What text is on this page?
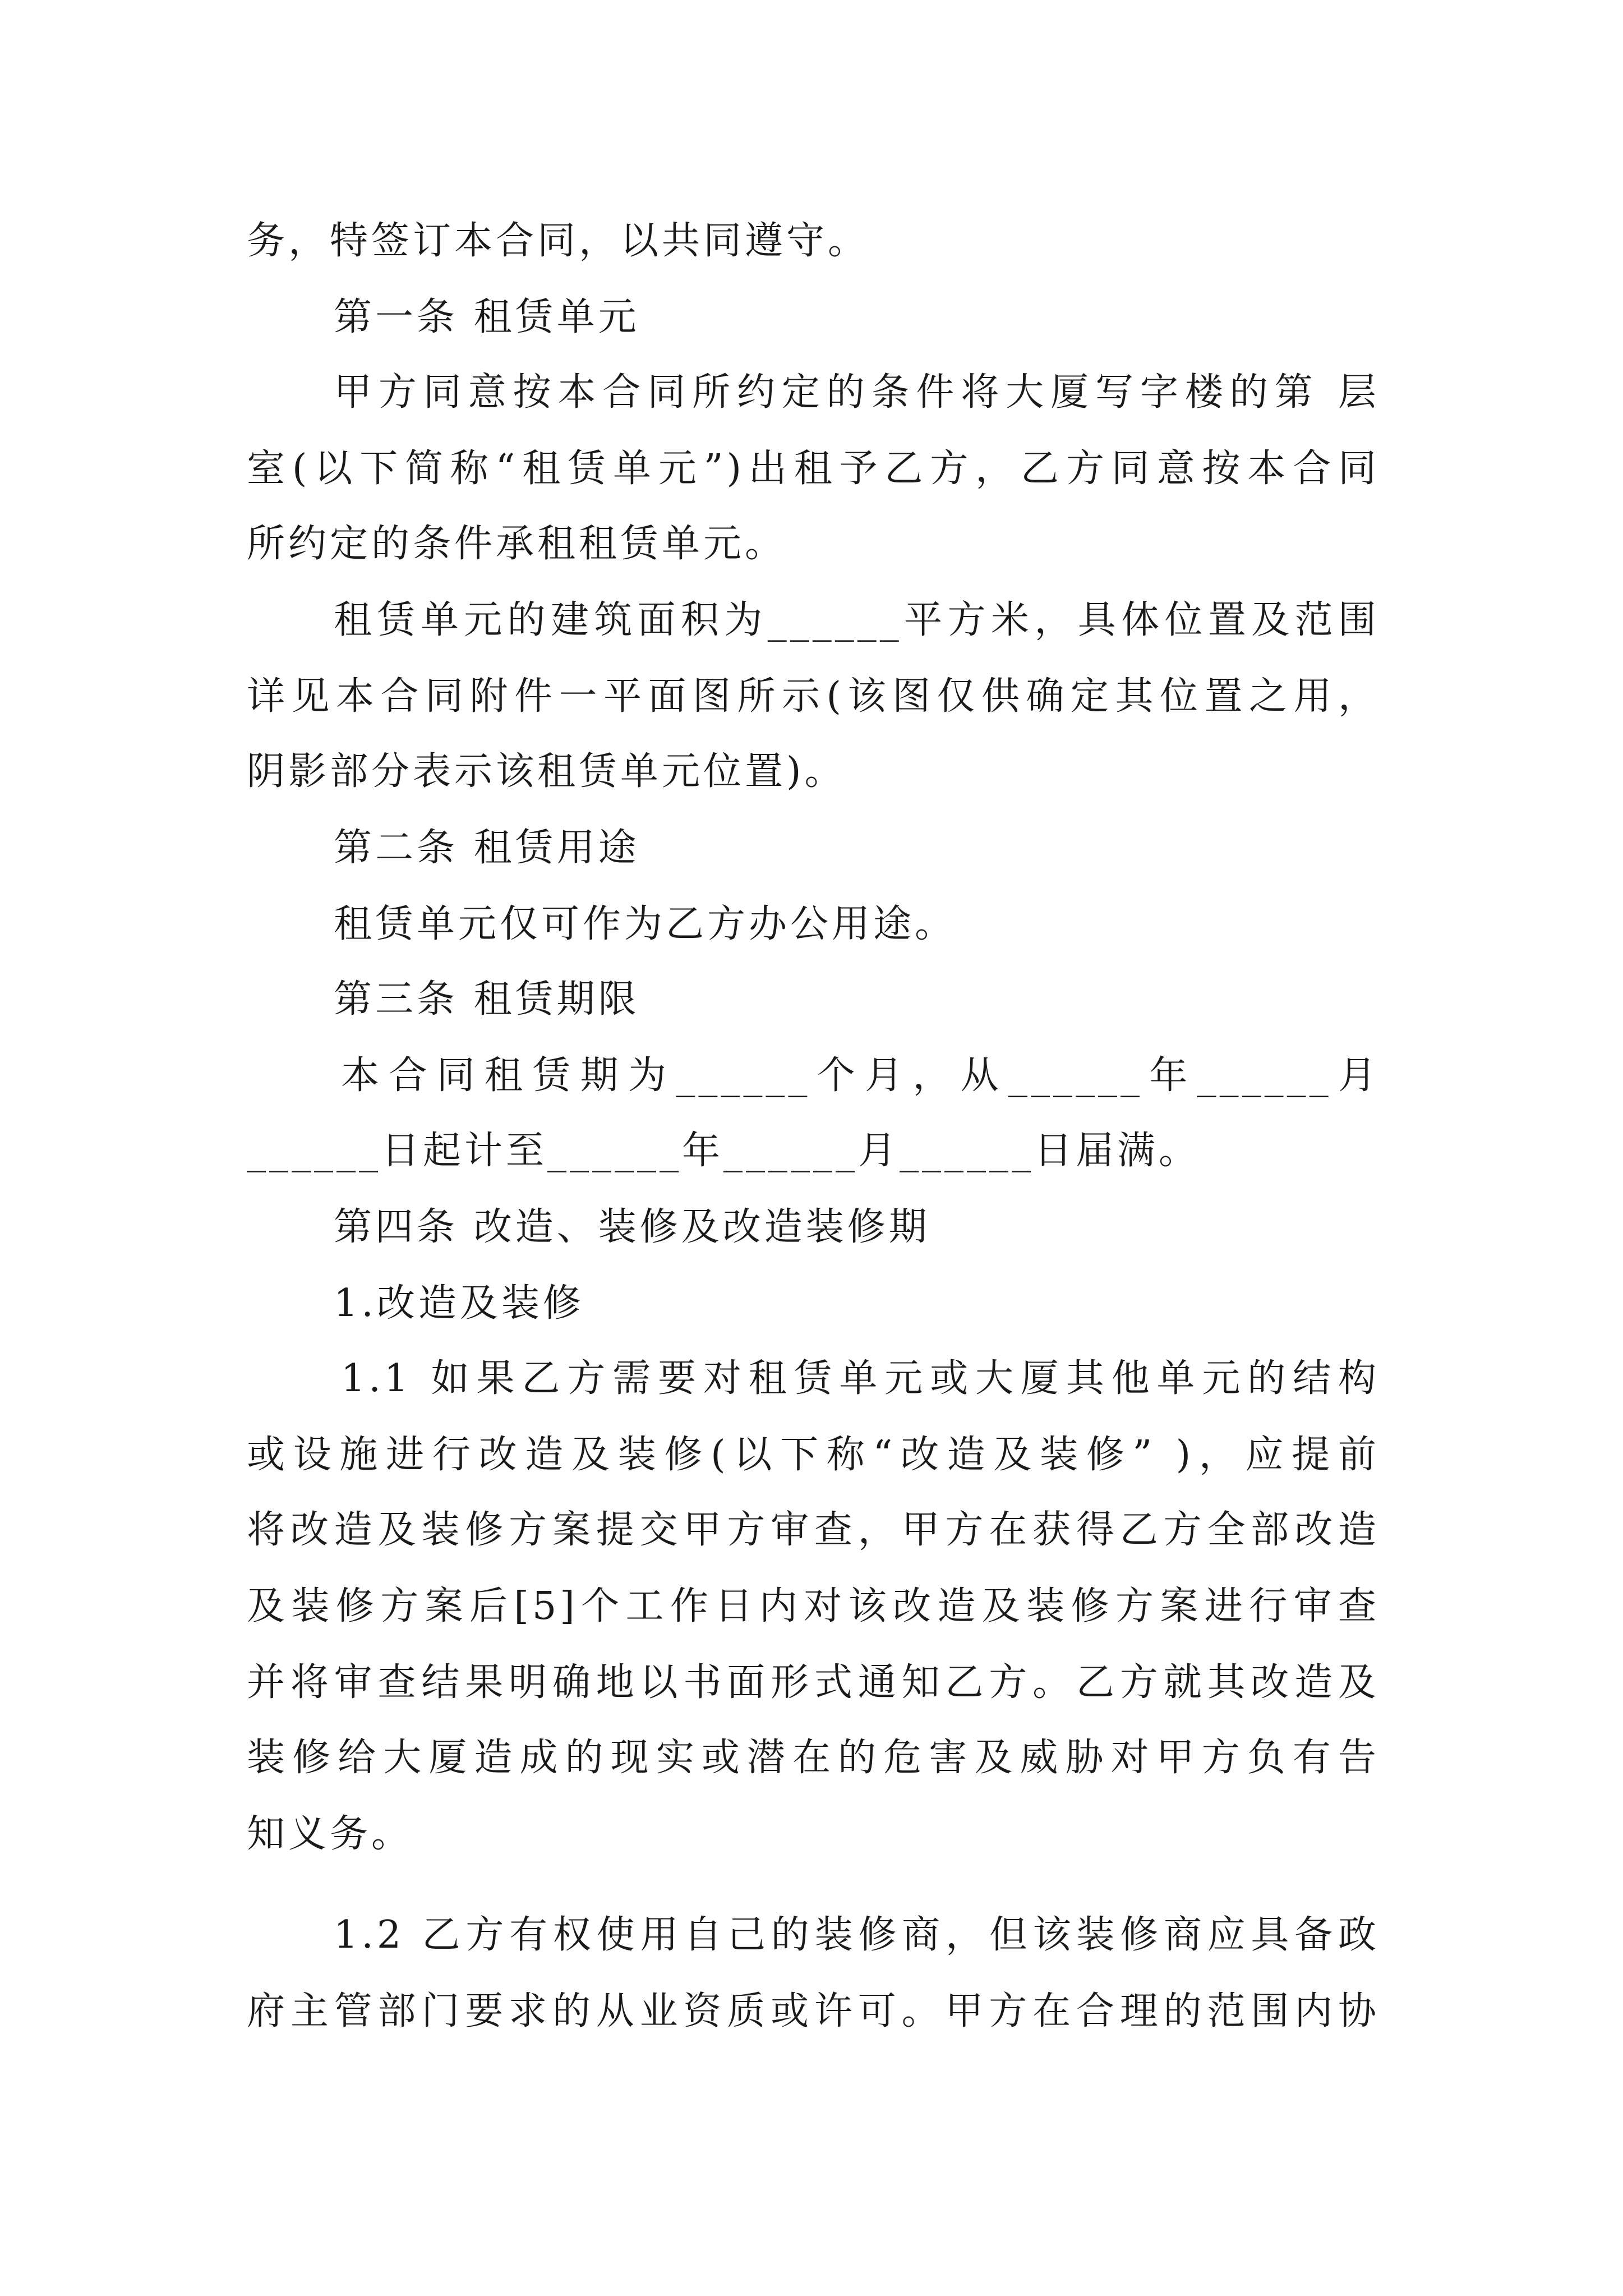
务，特签订本合同，以共同遵守。
第一条 租赁单元
甲方同意按本合同所约定的条件将大厦写字楼的第 层
室(以下简称“租赁单元”)出租予乙方，乙方同意按本合同
所约定的条件承租租赁单元。
租赁单元的建筑面积为______平方米，具体位置及范围
详见本合同附件一平面图所示(该图仅供确定其位置之用，
阴影部分表示该租赁单元位置)。
第二条 租赁用途
租赁单元仅可作为乙方办公用途。
第三条 租赁期限
本合同租赁期为______个月，从______年______月
______日起计至______年______月______日届满。
第四条 改造、装修及改造装修期
1.改造及装修
1.1 如果乙方需要对租赁单元或大厦其他单元的结构
或设施进行改造及装修(以下称“改造及装修” )，应提前
将改造及装修方案提交甲方审查，甲方在获得乙方全部改造
及装修方案后[5]个工作日内对该改造及装修方案进行审查
并将审查结果明确地以书面形式通知乙方。乙方就其改造及
装修给大厦造成的现实或潜在的危害及威胁对甲方负有告
知义务。
1.2 乙方有权使用自己的装修商，但该装修商应具备政
府主管部门要求的从业资质或许可。甲方在合理的范围内协
